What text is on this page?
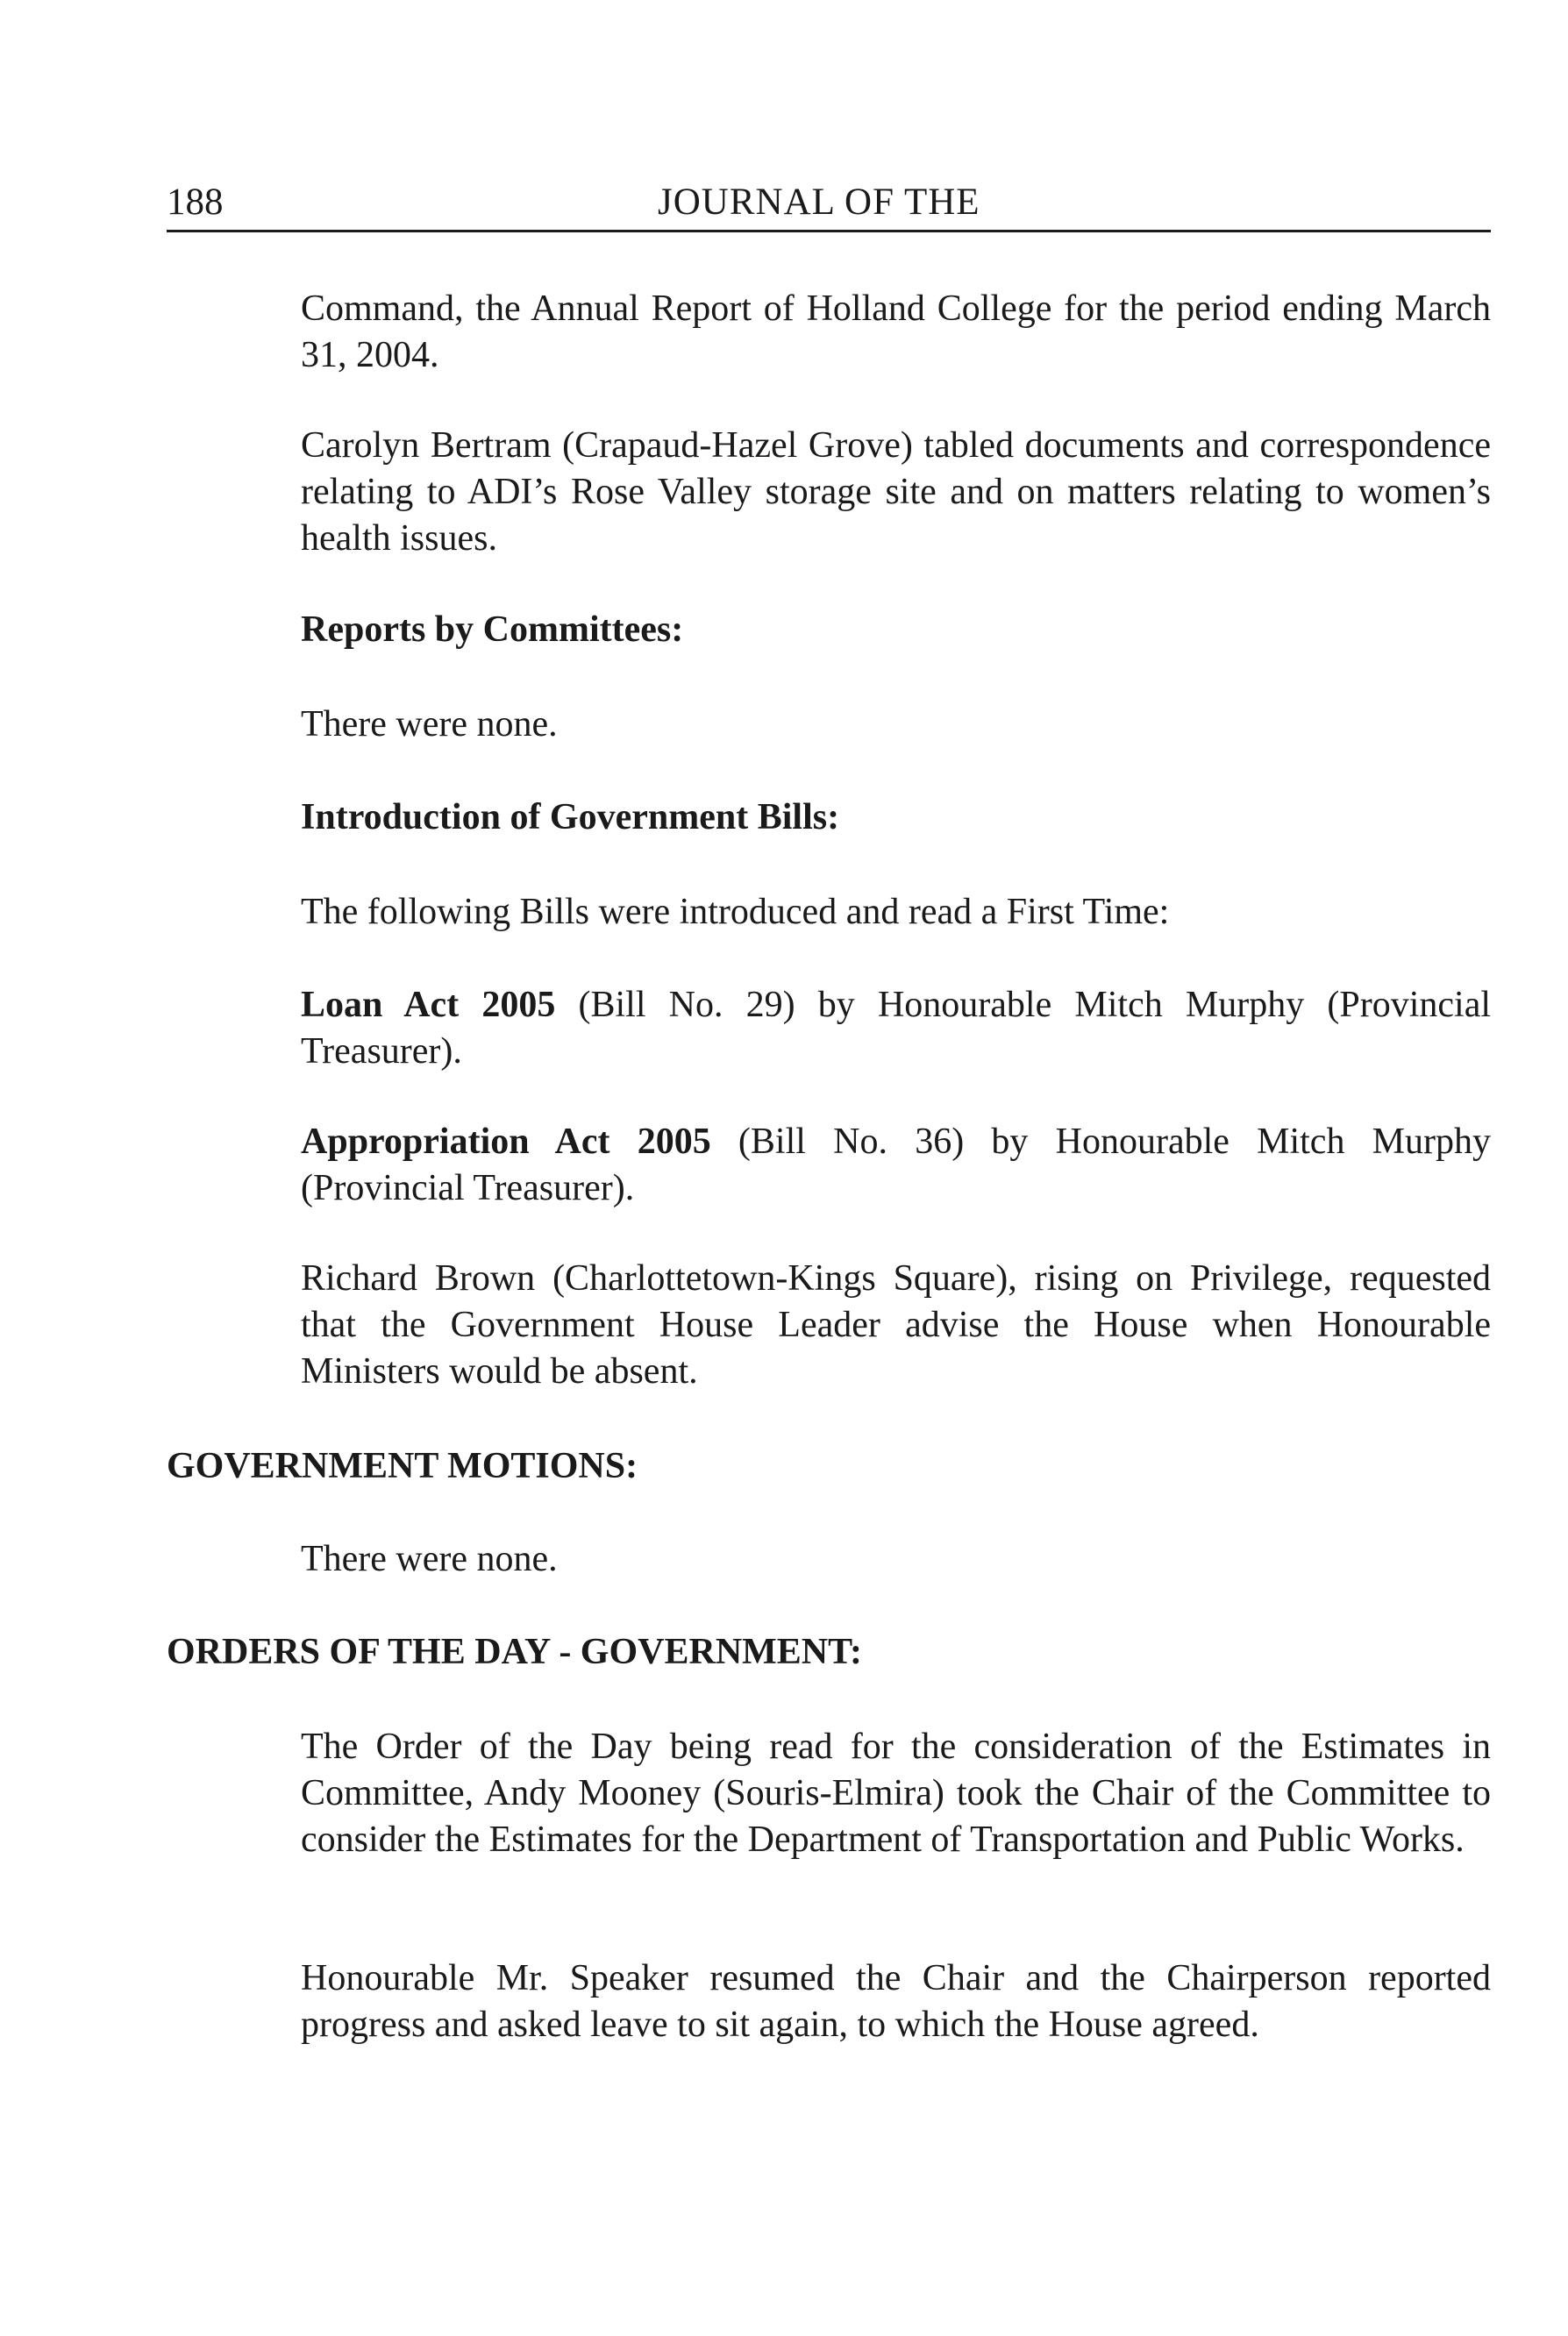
188	JOURNAL OF THE

Command, the Annual Report of Holland College for the period ending March 31, 2004.

Carolyn Bertram (Crapaud-Hazel Grove) tabled documents and correspondence relating to ADI’s Rose Valley storage site and on matters relating to women’s health issues.

Reports by Committees:

There were none.

Introduction of Government Bills:

The following Bills were introduced and read a First Time:

Loan Act 2005 (Bill No. 29) by Honourable Mitch Murphy (Provincial Treasurer).

Appropriation Act 2005 (Bill No. 36) by Honourable Mitch Murphy (Provincial Treasurer).

Richard Brown (Charlottetown-Kings Square), rising on Privilege, requested that the Government House Leader advise the House when Honourable Ministers would be absent.

GOVERNMENT MOTIONS:

There were none.

ORDERS OF THE DAY - GOVERNMENT:

The Order of the Day being read for the consideration of the Estimates in Committee, Andy Mooney (Souris-Elmira) took the Chair of the Committee to consider the Estimates for the Department of Transportation and Public Works.

Honourable Mr. Speaker resumed the Chair and the Chairperson reported progress and asked leave to sit again, to which the House agreed.
